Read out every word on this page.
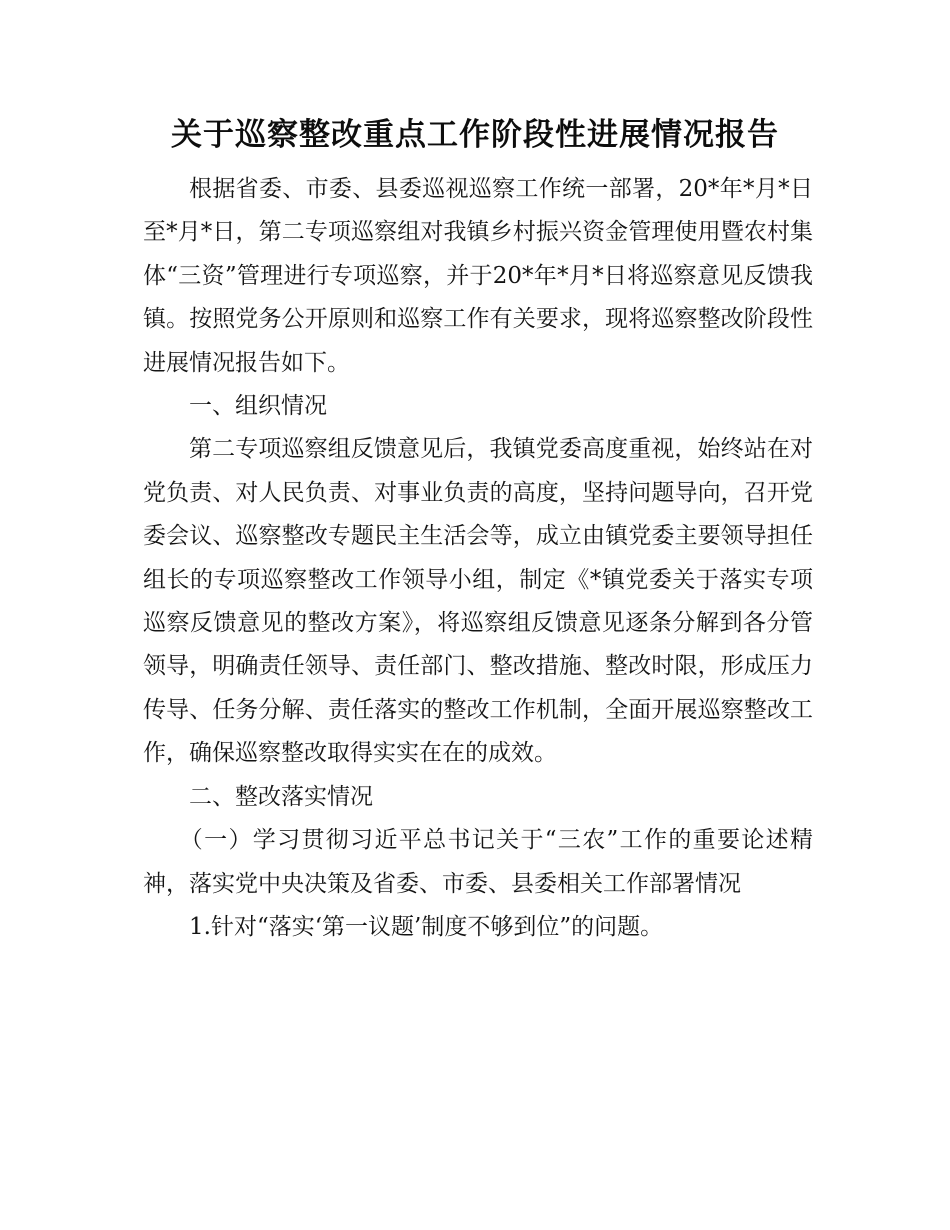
关于巡察整改重点工作阶段性进展情况报告

根据省委、市委、县委巡视巡察工作统一部署，20*年*月*日至*月*日，第二专项巡察组对我镇乡村振兴资金管理使用暨农村集体“三资”管理进行专项巡察，并于20*年*月*日将巡察意见反馈我镇。按照党务公开原则和巡察工作有关要求，现将巡察整改阶段性进展情况报告如下。

一、组织情况

第二专项巡察组反馈意见后，我镇党委高度重视，始终站在对党负责、对人民负责、对事业负责的高度，坚持问题导向，召开党委会议、巡察整改专题民主生活会等，成立由镇党委主要领导担任组长的专项巡察整改工作领导小组，制定《*镇党委关于落实专项巡察反馈意见的整改方案》，将巡察组反馈意见逐条分解到各分管领导，明确责任领导、责任部门、整改措施、整改时限，形成压力传导、任务分解、责任落实的整改工作机制，全面开展巡察整改工作，确保巡察整改取得实实在在的成效。

二、整改落实情况

（一）学习贯彻习近平总书记关于“三农”工作的重要论述精神，落实党中央决策及省委、市委、县委相关工作部署情况

1.针对“落实‘第一议题’制度不够到位”的问题。
